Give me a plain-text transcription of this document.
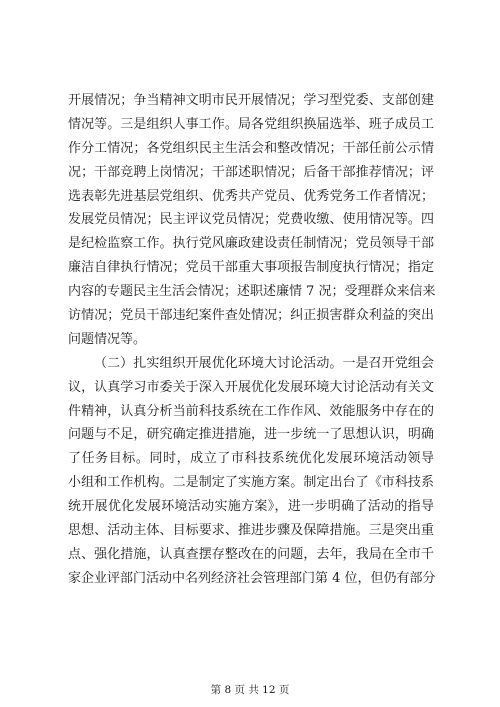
开展情况；争当精神文明市民开展情况；学习型党委、支部创建
情况等。三是组织人事工作。局各党组织换届选举、班子成员工
作分工情况；各党组织民主生活会和整改情况；干部任前公示情
况；干部竞聘上岗情况；干部述职情况；后备干部推荐情况；评
选表彰先进基层党组织、优秀共产党员、优秀党务工作者情况；
发展党员情况；民主评议党员情况；党费收缴、使用情况等。四
是纪检监察工作。执行党风廉政建设责任制情况；党员领导干部
廉洁自律执行情况；党员干部重大事项报告制度执行情况；指定
内容的专题民主生活会情况；述职述廉情 7 况；受理群众来信来
访情况；党员干部违纪案件查处情况；纠正损害群众利益的突出
问题情况等。
（二）扎实组织开展优化环境大讨论活动。一是召开党组会
议，认真学习市委关于深入开展优化发展环境大讨论活动有关文
件精神，认真分析当前科技系统在工作作风、效能服务中存在的
问题与不足，研究确定推进措施，进一步统一了思想认识，明确
了任务目标。同时，成立了市科技系统优化发展环境活动领导
小组和工作机构。二是制定了实施方案。制定出台了《市科技系
统开展优化发展环境活动实施方案》，进一步明确了活动的指导
思想、活动主体、目标要求、推进步骤及保障措施。三是突出重
点、强化措施，认真查摆存整改在的问题，去年，我局在全市千
家企业评部门活动中名列经济社会管理部门第 4 位，但仍有部分
第 8 页 共 12 页
